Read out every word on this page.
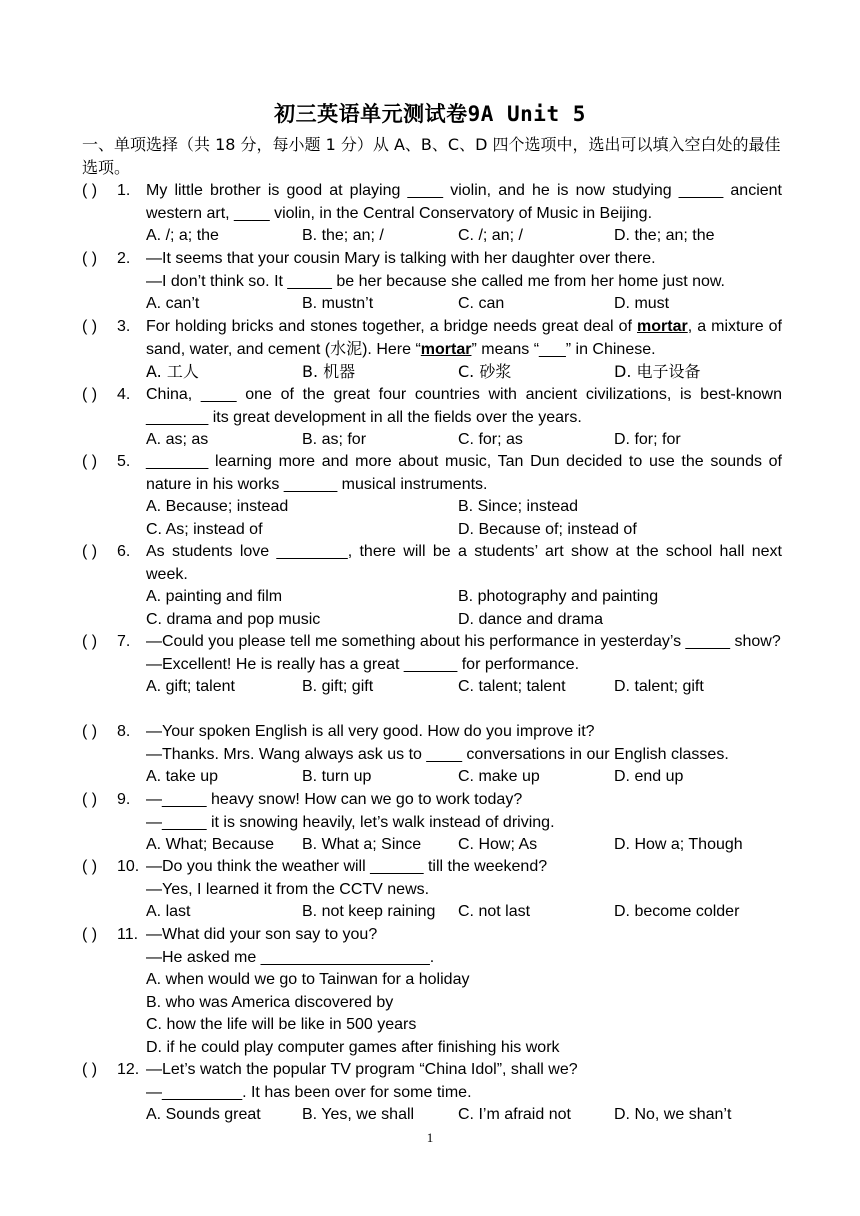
初三英语单元测试卷9A Unit 5
一、单项选择（共 18 分，每小题 1 分）从 A、B、C、D 四个选项中，选出可以填入空白处的最佳选项。
( ) 1. My little brother is good at playing ____ violin, and he is now studying _____ ancient western art, ____ violin, in the Central Conservatory of Music in Beijing.
A. /; a; the	B. the; an; /	C. /; an; /	D. the; an; the
( ) 2. —It seems that your cousin Mary is talking with her daughter over there.
—I don’t think so. It _____ be her because she called me from her home just now.
A. can’t	B. mustn’t	C. can	D. must
( ) 3. For holding bricks and stones together, a bridge needs great deal of mortar, a mixture of sand, water, and cement (水泥). Here “mortar” means “___” in Chinese.
A. 工人	B. 机器	C. 砂浆	D. 电子设备
( ) 4. China, ____ one of the great four countries with ancient civilizations, is best-known _______ its great development in all the fields over the years.
A. as; as	B. as; for	C. for; as	D. for; for
( ) 5. _______ learning more and more about music, Tan Dun decided to use the sounds of nature in his works ______ musical instruments.
A. Because; instead	B. Since; instead
C. As; instead of	D. Because of; instead of
( ) 6. As students love ________, there will be a students’ art show at the school hall next week.
A. painting and film	B. photography and painting
C. drama and pop music	D. dance and drama
( ) 7. —Could you please tell me something about his performance in yesterday’s _____ show?
—Excellent! He is really has a great ______ for performance.
A. gift; talent	B. gift; gift	C. talent; talent	D. talent; gift
( ) 8. —Your spoken English is all very good. How do you improve it?
—Thanks. Mrs. Wang always ask us to ____ conversations in our English classes.
A. take up	B. turn up	C. make up	D. end up
( ) 9. —_____ heavy snow! How can we go to work today?
—_____ it is snowing heavily, let’s walk instead of driving.
A. What; Because	B. What a; Since	C. How; As	D. How a; Though
( ) 10. —Do you think the weather will ______ till the weekend?
—Yes, I learned it from the CCTV news.
A. last	B. not keep raining	C. not last	D. become colder
( ) 11. —What did your son say to you?
—He asked me ___________________.
A. when would we go to Tainwan for a holiday
B. who was America discovered by
C. how the life will be like in 500 years
D. if he could play computer games after finishing his work
( ) 12. —Let’s watch the popular TV program “China Idol”, shall we?
—_________. It has been over for some time.
A. Sounds great	B. Yes, we shall	C. I’m afraid not	D. No, we shan’t
1
